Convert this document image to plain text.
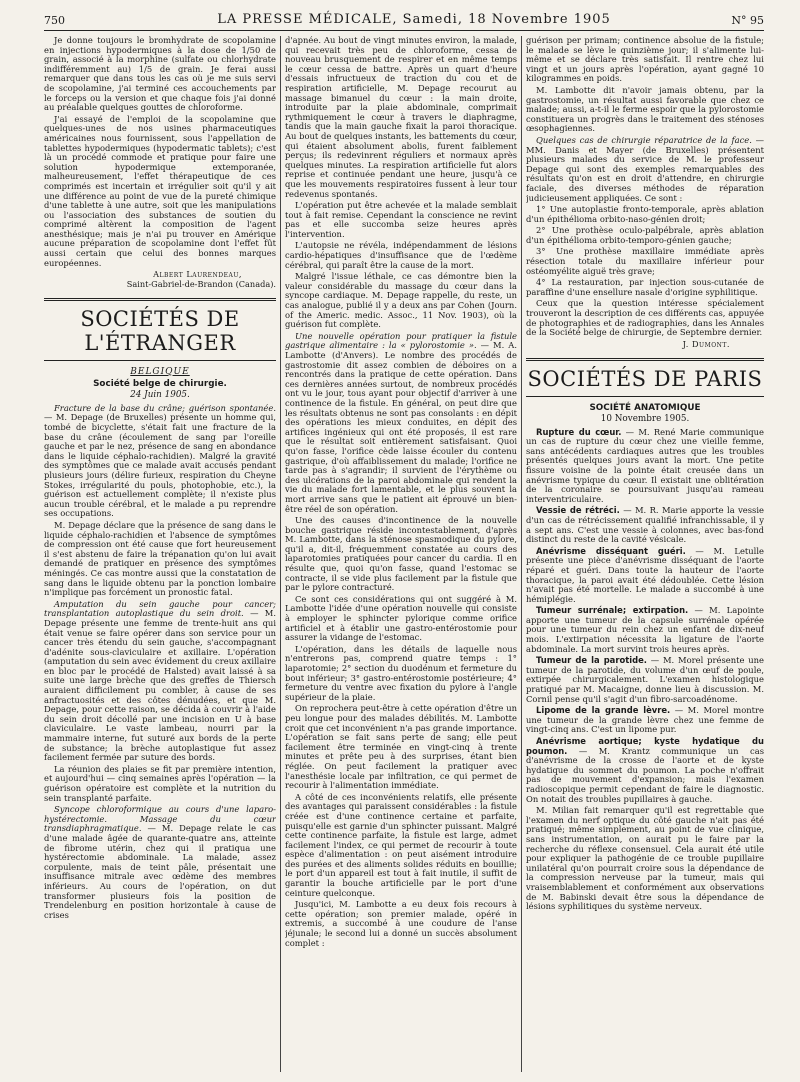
750	LA PRESSE MÉDICALE, Samedi, 18 Novembre 1905	N° 95

Je donne toujours le bromhydrate de scopolamine en injections hypodermiques à la dose de 1/50 de grain, associé à la morphine (sulfate ou chlorhydrate indifféremment au) 1/5 de grain. Je ferai aussi remarquer que dans tous les cas où je me suis servi de scopolamine, j'ai terminé ces accouchements par le forceps ou la version et que chaque fois j'ai donné au préalable quelques gouttes de chloroforme.

J'ai essayé de l'emploi de la scopolamine que quelques-unes de nos usines pharmaceutiques américaines nous fournissent, sous l'appellation de tablettes hypodermiques (hypodermatic tablets); c'est là un procédé commode et pratique pour faire une solution hypodermique extemporanée, malheureusement, l'effet thérapeutique de ces comprimés est incertain et irrégulier soit qu'il y ait une différence au point de vue de la pureté chimique d'une tablette à une autre, soit que les manipulations ou l'association des substances de soutien du comprimé altèrent la composition de l'agent anesthésique; mais je n'ai pu trouver en Amérique aucune préparation de scopolamine dont l'effet fût aussi certain que celui des bonnes marques européennes.

Albert Laurendeau,
Saint-Gabriel-de-Brandon (Canada).
SOCIÉTÉS DE L'ÉTRANGER
BELGIQUE
Société belge de chirurgie.
24 Juin 1905.

Fracture de la base du crâne; guérison spontanée. — M. Depage (de Bruxelles) présente un homme qui, tombé de bicyclette, s'était fait une fracture de la base du crâne (écoulement de sang par l'oreille gauche et par le nez, présence de sang en abondance dans le liquide céphalo-rachidien). Malgré la gravité des symptômes que ce malade avait accusés pendant plusieurs jours (délire furieux, respiration du Cheyne Stokes, irrégularité du pouls, photophobie, etc.), la guérison est actuellement complète; il n'existe plus aucun trouble cérébral, et le malade a pu reprendre ses occupations.

M. Depage déclare que la présence de sang dans le liquide céphalo-rachidien et l'absence de symptômes de compression ont été cause que fort heureusement il s'est abstenu de faire la trépanation qu'on lui avait demandé de pratiquer en présence des symptômes méningés. Ce cas montre aussi que la constatation de sang dans le liquide obtenu par la ponction lombaire n'implique pas forcément un pronostic fatal.

Amputation du sein gauche pour cancer; transplantation autoplastique du sein droit. — M. Depage présente une femme de trente-huit ans qui était venue se faire opérer dans son service pour un cancer très étendu du sein gauche, s'accompagnant d'adénite sous-claviculaire et axillaire. L'opération (amputation du sein avec évidement du creux axillaire en bloc par le procédé de Halsted) avait laissé à sa suite une large brèche que des greffes de Thiersch auraient difficilement pu combler, à cause de ses anfractuosités et des côtes dénudées, et que M. Depage, pour cette raison, se décida à couvrir à l'aide du sein droit décollé par une incision en U à base claviculaire. Le vaste lambeau, nourri par la mammaire interne, fut suturé aux bords de la perte de substance; la brèche autoplastique fut assez facilement fermée par suture des bords.

La réunion des plaies se fit par première intention, et aujourd'hui — cinq semaines après l'opération — la guérison opératoire est complète et la nutrition du sein transplanté parfaite.

Syncope chloroformique au cours d'une laparo-hystérectomie. Massage du cœur transdiaphragmatique. — M. Depage relate le cas d'une malade âgée de quarante-quatre ans, atteinte de fibrome utérin, chez qui il pratiqua une hystérectomie abdominale. La malade, assez corpulente, mais de teint pâle, présentait une insuffisance mitrale avec œdème des membres inférieurs. Au cours de l'opération, on dut transformer plusieurs fois la position de Trendelenburg en position horizontale à cause de crises

d'apnée. Au bout de vingt minutes environ, la malade, qui recevait très peu de chloroforme, cessa de nouveau brusquement de respirer et en même temps le cœur cessa de battre. Après un quart d'heure d'essais infructueux de traction du cou et de respiration artificielle, M. Depage recourut au massage bimanuel du cœur : la main droite, introduite par la plaie abdominale, comprimait rythmiquement le cœur à travers le diaphragme, tandis que la main gauche fixait la paroi thoracique. Au bout de quelques instants, les battements du cœur, qui étaient absolument abolis, furent faiblement perçus; ils redevinrent réguliers et normaux après quelques minutes. La respiration artificielle fut alors reprise et continuée pendant une heure, jusqu'à ce que les mouvements respiratoires fussent à leur tour redevenus spontanés.

L'opération put être achevée et la malade semblait tout à fait remise. Cependant la conscience ne revint pas et elle succomba seize heures après l'intervention.

L'autopsie ne révéla, indépendamment de lésions cardio-hépatiques d'insuffisance que de l'œdème cérébral, qui paraît être la cause de la mort.

Malgré l'issue léthale, ce cas démontre bien la valeur considérable du massage du cœur dans la syncope cardiaque. M. Depage rappelle, du reste, un cas analogue, publié il y a deux ans par Cohen (Journ. of the Americ. medic. Assoc., 11 Nov. 1903), où la guérison fut complète.

Une nouvelle opération pour pratiquer la fistule gastrique alimentaire : la « pylorostomie ». — M. A. Lambotte (d'Anvers). Le nombre des procédés de gastrostomie dit assez combien de déboires on a rencontrés dans la pratique de cette opération. Dans ces dernières années surtout, de nombreux procédés ont vu le jour, tous ayant pour objectif d'arriver à une continence de la fistule. En général, on peut dire que les résultats obtenus ne sont pas consolants : en dépit des opérations les mieux conduites, en dépit des artifices ingénieux qui ont été proposés, il est rare que le résultat soit entièrement satisfaisant. Quoi qu'on fasse, l'orifice cède laisse écouler du contenu gastrique, d'où affaiblissement du malade; l'orifice ne tarde pas à s'agrandir; il survient de l'érythème ou des ulcérations de la paroi abdominale qui rendent la vie du malade fort lamentable, et le plus souvent la mort arrive sans que le patient ait éprouvé un bien-être réel de son opération.

Une des causes d'incontinence de la nouvelle bouche gastrique réside incontestablement, d'après M. Lambotte, dans la sténose spasmodique du pylore, qu'il a, dit-il, fréquemment constatée au cours des laparotomies pratiquées pour cancer du cardia. Il en résulte que, quoi qu'on fasse, quand l'estomac se contracte, il se vide plus facilement par la fistule que par le pylore contracturé.

Ce sont ces considérations qui ont suggéré à M. Lambotte l'idée d'une opération nouvelle qui consiste à employer le sphincter pylorique comme orifice artificiel et à établir une gastro-entérostomie pour assurer la vidange de l'estomac.

L'opération, dans les détails de laquelle nous n'entrerons pas, comprend quatre temps : 1° laparotomie; 2° section du duodénum et fermeture du bout inférieur; 3° gastro-entérostomie postérieure; 4° fermeture du ventre avec fixation du pylore à l'angle supérieur de la plaie.

On reprochera peut-être à cette opération d'être un peu longue pour des malades débilités. M. Lambotte croit que cet inconvénient n'a pas grande importance. L'opération se fait sans perte de sang; elle peut facilement être terminée en vingt-cinq à trente minutes et prête peu à des surprises, étant bien réglée. On peut facilement la pratiquer avec l'anesthésie locale par infiltration, ce qui permet de recourir à l'alimentation immédiate.

A côté de ces inconvénients relatifs, elle présente des avantages qui paraissent considérables : la fistule créée est d'une continence certaine et parfaite, puisqu'elle est garnie d'un sphincter puissant. Malgré cette continence parfaite, la fistule est large, admet facilement l'index, ce qui permet de recourir à toute espèce d'alimentation : on peut aisément introduire des purées et des aliments solides réduits en bouillie; le port d'un appareil est tout à fait inutile, il suffit de garantir la bouche artificielle par le port d'une ceinture quelconque.

Jusqu'ici, M. Lambotte a eu deux fois recours à cette opération; son premier malade, opéré in extremis, a succombé à une coudure de l'anse jéjunale; le second lui a donné un succès absolument complet :

guérison per primam; continence absolue de la fistule; le malade se lève le quinzième jour; il s'alimente lui-même et se déclare très satisfait. Il rentre chez lui vingt et un jours après l'opération, ayant gagné 10 kilogrammes en poids.

M. Lambotte dit n'avoir jamais obtenu, par la gastrostomie, un résultat aussi favorable que chez ce malade; aussi, a-t-il le ferme espoir que la pylorostomie constituera un progrès dans le traitement des sténoses œsophagiennes.

Quelques cas de chirurgie réparatrice de la face. — MM. Danis et Mayer (de Bruxelles) présentent plusieurs malades du service de M. le professeur Depage qui sont des exemples remarquables des résultats qu'on est en droit d'attendre, en chirurgie faciale, des diverses méthodes de réparation judicieusement appliquées. Ce sont :

1° Une autoplastie fronto-temporale, après ablation d'un épithélioma orbito-naso-génien droit;

2° Une prothèse oculo-palpébrale, après ablation d'un épithélioma orbito-temporo-génien gauche;

3° Une prothèse maxillaire immédiate après résection totale du maxillaire inférieur pour ostéomyélite aiguë très grave;

4° La restauration, par injection sous-cutanée de paraffine d'une ensellure nasale d'origine syphilitique.

Ceux que la question intéresse spécialement trouveront la description de ces différents cas, appuyée de photographies et de radiographies, dans les Annales de la Société belge de chirurgie, de Septembre dernier.

J. Dumont.
SOCIÉTÉS DE PARIS
SOCIÉTÉ ANATOMIQUE
10 Novembre 1905.

Rupture du cœur. — M. René Marie communique un cas de rupture du cœur chez une vieille femme, sans antécédents cardiaques autres que les troubles présentés quelques jours avant la mort. Une petite fissure voisine de la pointe était creusée dans un anévrisme typique du cœur. Il existait une oblitération de la coronaire se poursuivant jusqu'au rameau interventriculaire.

Vessie de rétréci. — M. R. Marie apporte la vessie d'un cas de rétrécissement qualifié infranchissable, il y a sept ans. C'est une vessie à colonnes, avec bas-fond distinct du reste de la cavité vésicale.

Anévrisme disséquant guéri. — M. Letulle présente une pièce d'anévrisme disséquant de l'aorte réparé et guéri. Dans toute la hauteur de l'aorte thoracique, la paroi avait été dédoublée. Cette lésion n'avait pas été mortelle. Le malade a succombé à une hémiplégie.

Tumeur surrénale; extirpation. — M. Lapointe apporte une tumeur de la capsule surrénale opérée pour une tumeur du rein chez un enfant de dix-neuf mois. L'extirpation nécessita la ligature de l'aorte abdominale. La mort survint trois heures après.

Tumeur de la parotide. — M. Morel présente une tumeur de la parotide, du volume d'un œuf de poule, extirpée chirurgicalement. L'examen histologique pratiqué par M. Macaigne, donne lieu à discussion. M. Cornil pense qu'il s'agit d'un fibro-sarcoadénome.

Lipome de la grande lèvre. — M. Morel montre une tumeur de la grande lèvre chez une femme de vingt-cinq ans. C'est un lipome pur.

Anévrisme aortique; kyste hydatique du poumon. — M. Krantz communique un cas d'anévrisme de la crosse de l'aorte et de kyste hydatique du sommet du poumon. La poche n'offrait pas de mouvement d'expansion; mais l'examen radioscopique permit cependant de faire le diagnostic. On notait des troubles pupillaires à gauche.

M. Milian fait remarquer qu'il est regrettable que l'examen du nerf optique du côté gauche n'ait pas été pratiqué; même simplement, au point de vue clinique, sans instrumentation, on aurait pu le faire par la recherche du réflexe consensuel. Cela aurait été utile pour expliquer la pathogénie de ce trouble pupillaire unilatéral qu'on pourrait croire sous la dépendance de la compression nerveuse par la tumeur, mais qui vraisemblablement et conformément aux observations de M. Babinski devait être sous la dépendance de lésions syphilitiques du système nerveux.
